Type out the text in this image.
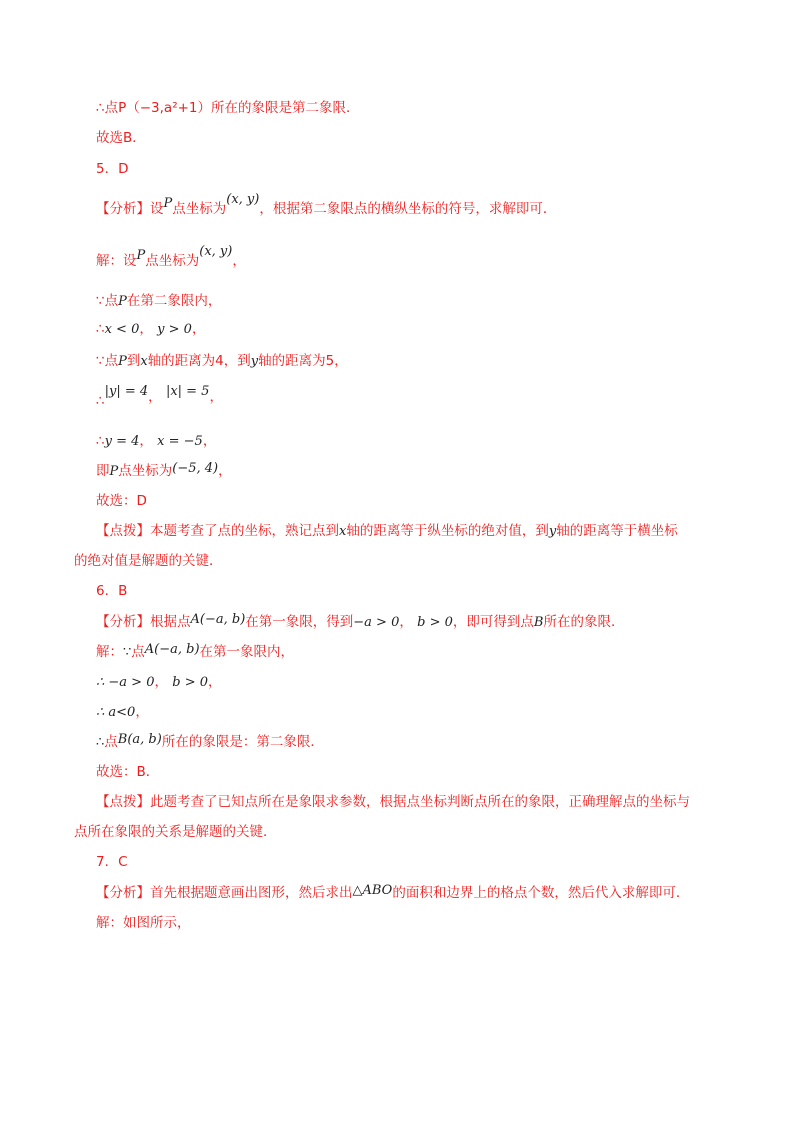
∴点P（−3,a²+1）所在的象限是第二象限．
故选B．
5．D
【分析】设P点坐标为(x, y)，根据第二象限点的横纵坐标的符号，求解即可．
解：设P点坐标为(x, y)，
∵点P在第二象限内，
∴x < 0， y > 0，
∵点P到x轴的距离为4，到y轴的距离为5，
∴|y| = 4， |x| = 5，
∴y = 4， x = −5，
即P点坐标为(−5, 4)，
故选：D
【点拨】本题考查了点的坐标，熟记点到x轴的距离等于纵坐标的绝对值，到y轴的距离等于横坐标
的绝对值是解题的关键．
6．B
【分析】根据点A(−a, b)在第一象限，得到−a > 0， b > 0，即可得到点B所在的象限．
解：∵点A(−a, b)在第一象限内，
∴ −a > 0， b > 0，
∴ a<0，
∴点B(a, b)所在的象限是：第二象限．
故选：B．
【点拨】此题考查了已知点所在是象限求参数，根据点坐标判断点所在的象限，正确理解点的坐标与
点所在象限的关系是解题的关键．
7．C
【分析】首先根据题意画出图形，然后求出△ABO的面积和边界上的格点个数，然后代入求解即可．
解：如图所示，
